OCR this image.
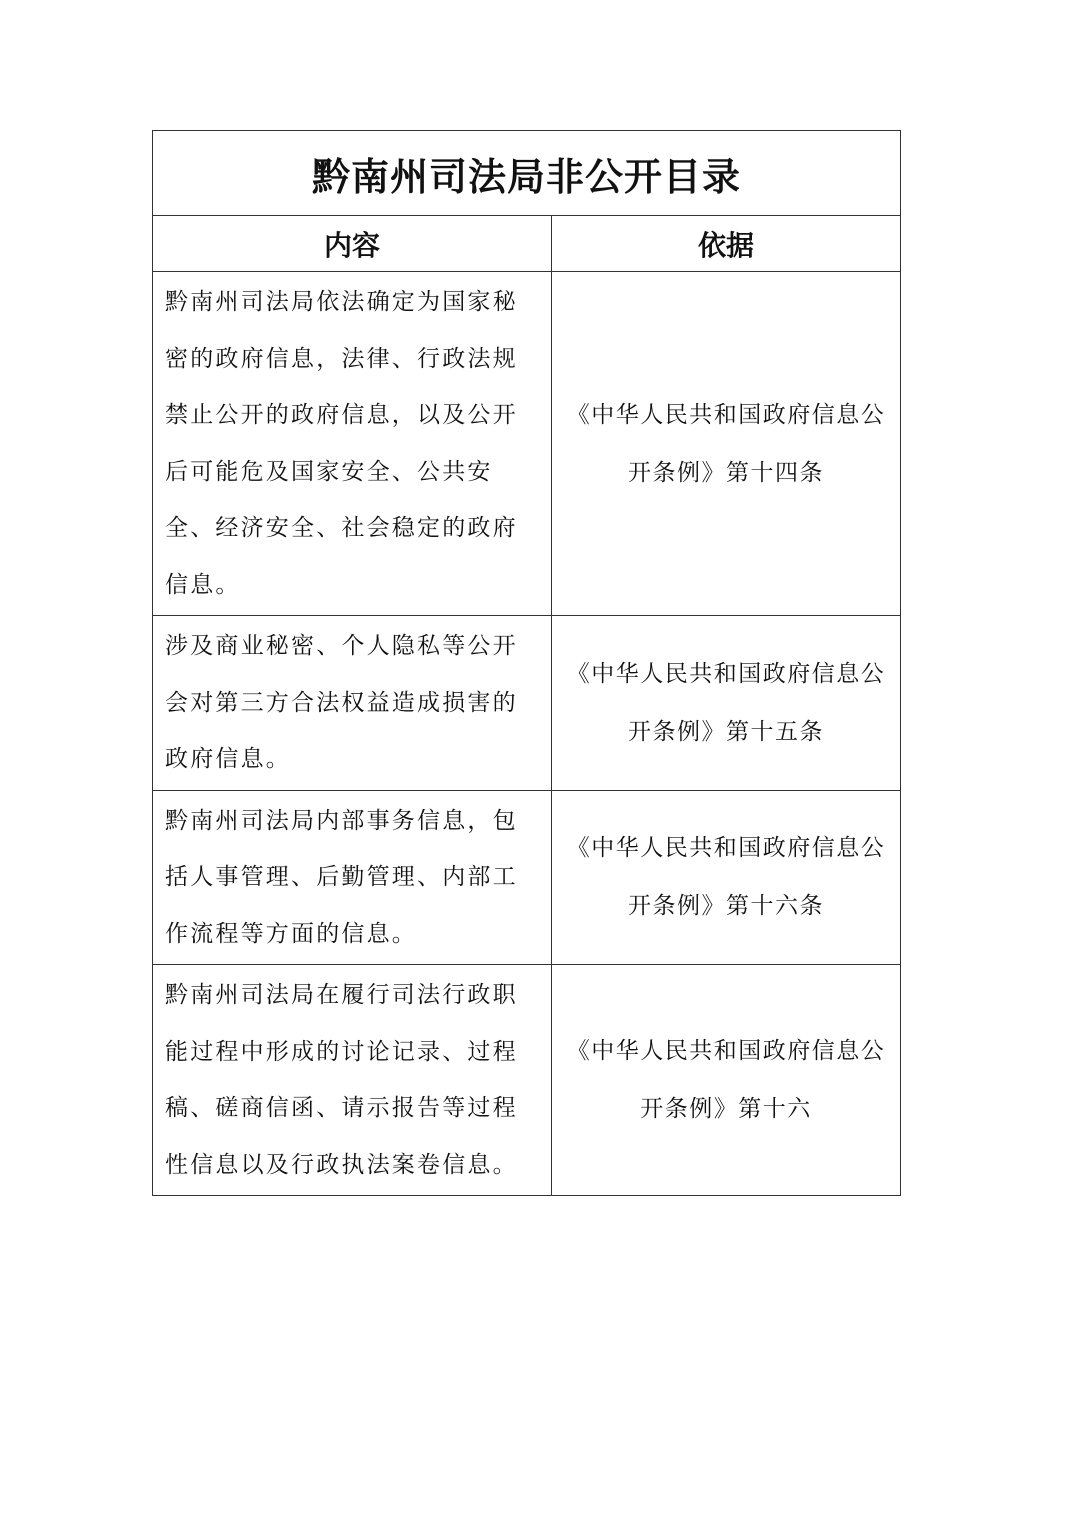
黔南州司法局非公开目录	
内容	依据
黔南州司法局依法确定为国家秘密的政府信息，法律、行政法规禁止公开的政府信息，以及公开后可能危及国家安全、公共安全、经济安全、社会稳定的政府信息。	《中华人民共和国政府信息公开条例》第十四条
涉及商业秘密、个人隐私等公开会对第三方合法权益造成损害的政府信息。	《中华人民共和国政府信息公开条例》第十五条
黔南州司法局内部事务信息，包括人事管理、后勤管理、内部工作流程等方面的信息。	《中华人民共和国政府信息公开条例》第十六条
黔南州司法局在履行司法行政职能过程中形成的讨论记录、过程稿、磋商信函、请示报告等过程性信息以及行政执法案卷信息。	《中华人民共和国政府信息公开条例》第十六
